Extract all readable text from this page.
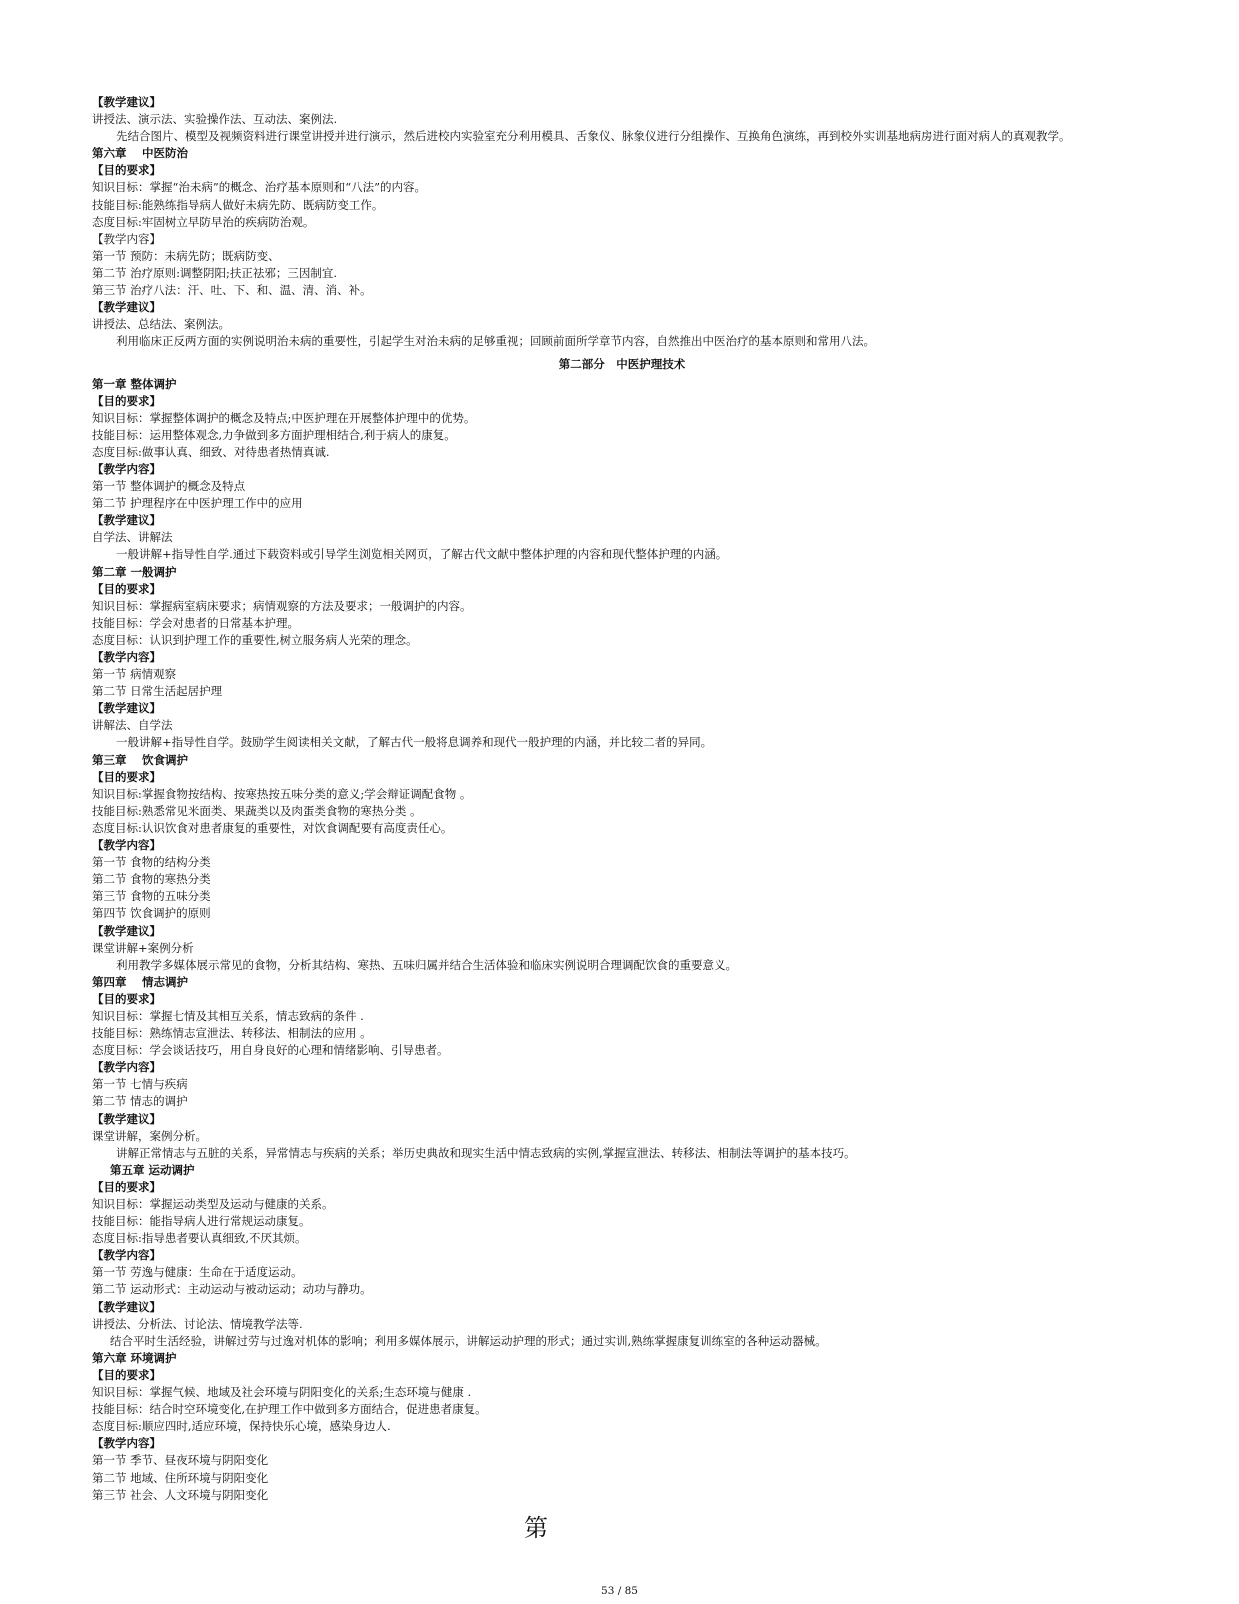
【教学建议】
讲授法、演示法、实验操作法、互动法、案例法.
先结合图片、模型及视频资料进行课堂讲授并进行演示，然后进校内实验室充分利用模具、舌象仪、脉象仪进行分组操作、互换角色演练，再到校外实训基地病房进行面对病人的真观教学。
第六章　 中医防治
【目的要求】
知识目标：掌握“治未病”的概念、治疗基本原则和“八法”的内容。
技能目标:能熟练指导病人做好未病先防、既病防变工作。
态度目标:牢固树立早防早治的疾病防治观。
【教学内容】
第一节 预防：未病先防；既病防变、
第二节 治疗原则:调整阴阳;扶正祛邪；三因制宜.
第三节 治疗八法：汗、吐、下、和、温、清、消、补。
【教学建议】
讲授法、总结法、案例法。
利用临床正反两方面的实例说明治未病的重要性，引起学生对治未病的足够重视；回顾前面所学章节内容，自然推出中医治疗的基本原则和常用八法。
第二部分　中医护理技术
第一章 整体调护
【目的要求】
知识目标：掌握整体调护的概念及特点;中医护理在开展整体护理中的优势。
技能目标：运用整体观念,力争做到多方面护理相结合,利于病人的康复。
态度目标:做事认真、细致、对待患者热情真诚.
【教学内容】
第一节 整体调护的概念及特点
第二节 护理程序在中医护理工作中的应用
【教学建议】
自学法、讲解法
一般讲解+指导性自学.通过下载资料或引导学生浏览相关网页，了解古代文献中整体护理的内容和现代整体护理的内涵。
第二章 一般调护
【目的要求】
知识目标：掌握病室病床要求；病情观察的方法及要求；一般调护的内容。
技能目标：学会对患者的日常基本护理。
态度目标：认识到护理工作的重要性,树立服务病人光荣的理念。
【教学内容】
第一节 病情观察
第二节 日常生活起居护理
【教学建议】
讲解法、自学法
一般讲解+指导性自学。鼓励学生阅读相关文献，了解古代一般将息调养和现代一般护理的内涵，并比较二者的异同。
第三章　 饮食调护
【目的要求】
知识目标:掌握食物按结构、按寒热按五味分类的意义;学会辩证调配食物 。
技能目标:熟悉常见米面类、果蔬类以及肉蛋类食物的寒热分类 。
态度目标:认识饮食对患者康复的重要性，对饮食调配要有高度责任心。
【教学内容】
第一节 食物的结构分类
第二节 食物的寒热分类
第三节 食物的五味分类
第四节 饮食调护的原则
【教学建议】
课堂讲解+案例分析
利用教学多媒体展示常见的食物，分析其结构、寒热、五味归属并结合生活体验和临床实例说明合理调配饮食的重要意义。
第四章　 情志调护
【目的要求】
知识目标：掌握七情及其相互关系，情志致病的条件 .
技能目标：熟练情志宣泄法、转移法、相制法的应用 。
态度目标：学会谈话技巧，用自身良好的心理和情绪影响、引导患者。
【教学内容】
第一节 七情与疾病
第二节 情志的调护
【教学建议】
课堂讲解，案例分析。
讲解正常情志与五脏的关系，异常情志与疾病的关系；举历史典故和现实生活中情志致病的实例,掌握宣泄法、转移法、相制法等调护的基本技巧。
第五章 运动调护
【目的要求】
知识目标：掌握运动类型及运动与健康的关系。
技能目标：能指导病人进行常规运动康复。
态度目标:指导患者要认真细致,不厌其烦。
【教学内容】
第一节 劳逸与健康：生命在于适度运动。
第二节 运动形式：主动运动与被动运动；动功与静功。
【教学建议】
讲授法、分析法、讨论法、情境教学法等.
结合平时生活经验，讲解过劳与过逸对机体的影响；利用多媒体展示，讲解运动护理的形式；通过实训,熟练掌握康复训练室的各种运动器械。
第六章 环境调护
【目的要求】
知识目标：掌握气候、地域及社会环境与阴阳变化的关系;生态环境与健康 .
技能目标：结合时空环境变化,在护理工作中做到多方面结合，促进患者康复。
态度目标:顺应四时,适应环境，保持快乐心境，感染身边人.
【教学内容】
第一节 季节、昼夜环境与阴阳变化
第二节 地域、住所环境与阴阳变化
第三节 社会、人文环境与阴阳变化
第
53 / 85
